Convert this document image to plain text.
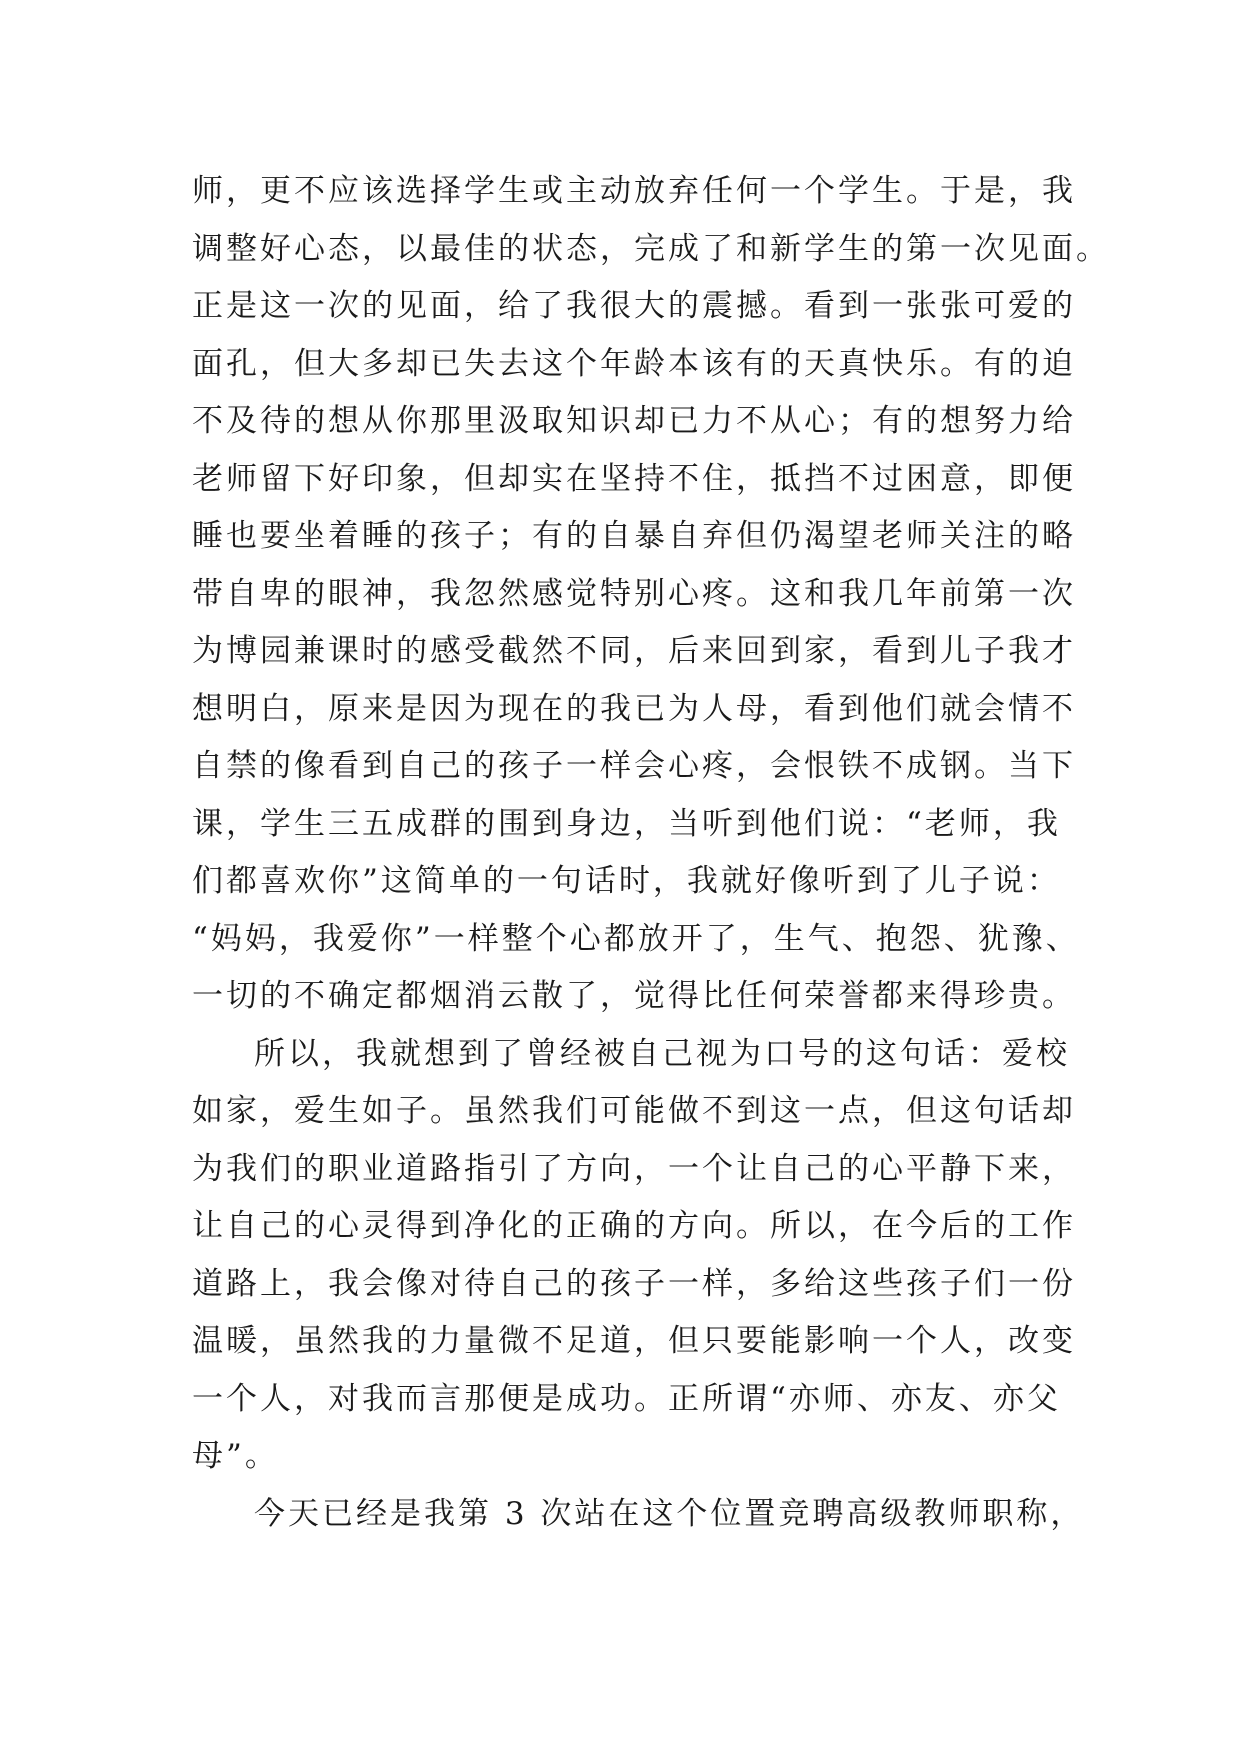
师，更不应该选择学生或主动放弃任何一个学生。于是，我
调整好心态，以最佳的状态，完成了和新学生的第一次见面。
正是这一次的见面，给了我很大的震撼。看到一张张可爱的
面孔，但大多却已失去这个年龄本该有的天真快乐。有的迫
不及待的想从你那里汲取知识却已力不从心；有的想努力给
老师留下好印象，但却实在坚持不住，抵挡不过困意，即便
睡也要坐着睡的孩子；有的自暴自弃但仍渴望老师关注的略
带自卑的眼神，我忽然感觉特别心疼。这和我几年前第一次
为博园兼课时的感受截然不同，后来回到家，看到儿子我才
想明白，原来是因为现在的我已为人母，看到他们就会情不
自禁的像看到自己的孩子一样会心疼，会恨铁不成钢。当下
课，学生三五成群的围到身边，当听到他们说：“老师，我
们都喜欢你”这简单的一句话时，我就好像听到了儿子说：
“妈妈，我爱你”一样整个心都放开了，生气、抱怨、犹豫、
一切的不确定都烟消云散了，觉得比任何荣誉都来得珍贵。
所以，我就想到了曾经被自己视为口号的这句话：爱校
如家，爱生如子。虽然我们可能做不到这一点，但这句话却
为我们的职业道路指引了方向，一个让自己的心平静下来，
让自己的心灵得到净化的正确的方向。所以，在今后的工作
道路上，我会像对待自己的孩子一样，多给这些孩子们一份
温暖，虽然我的力量微不足道，但只要能影响一个人，改变
一个人，对我而言那便是成功。正所谓“亦师、亦友、亦父
母”。
今天已经是我第 3 次站在这个位置竞聘高级教师职称，
